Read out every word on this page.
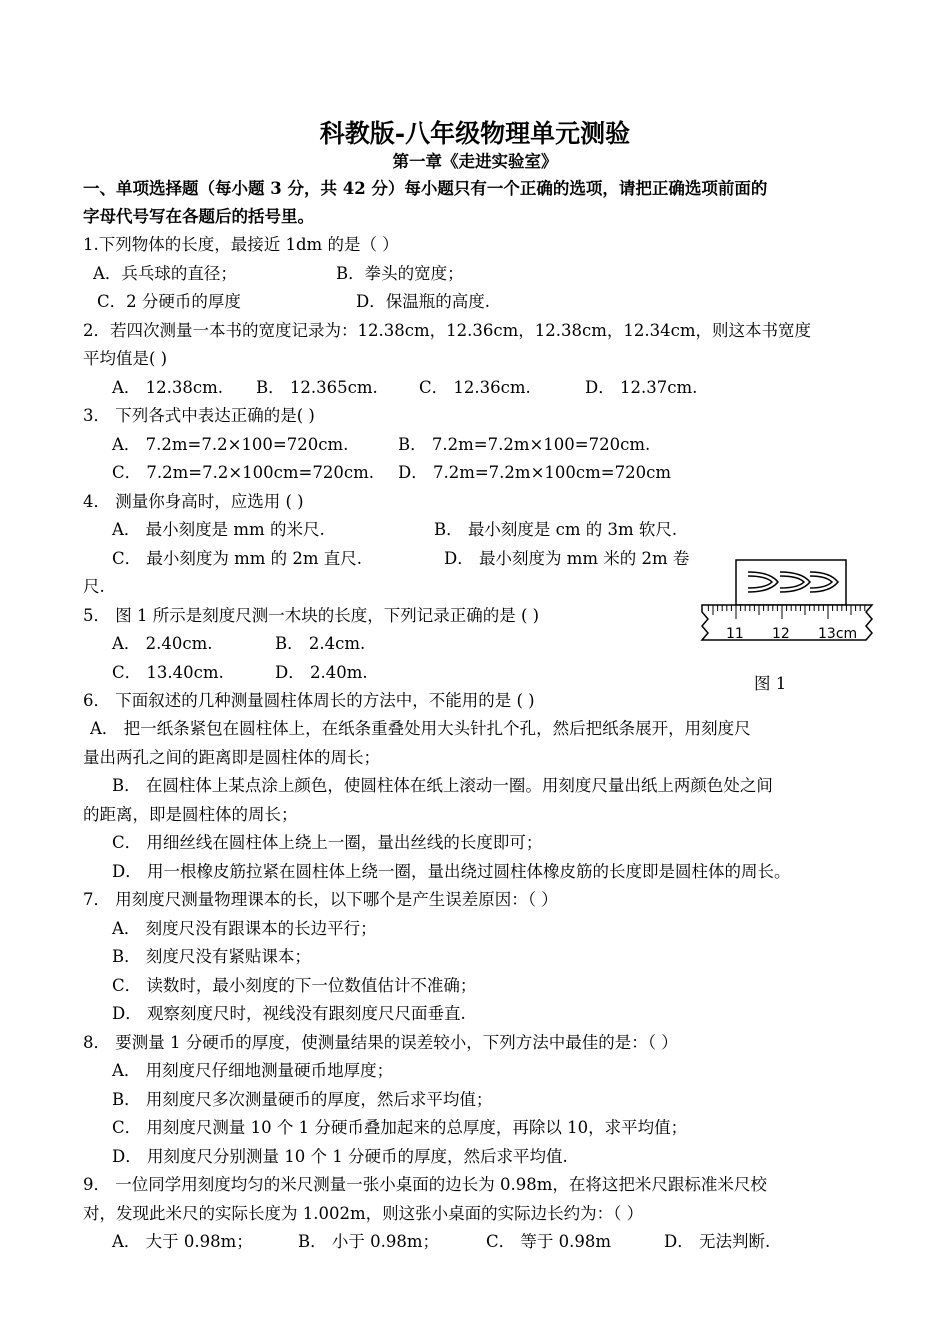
科教版-八年级物理单元测验
第一章《走进实验室》
一、单项选择题（每小题 3 分，共 42 分）每小题只有一个正确的选项，请把正确选项前面的
字母代号写在各题后的括号里。
1.下列物体的长度，最接近 1dm 的是（ ）
A．兵乓球的直径；	B．拳头的宽度；
C．2 分硬币的厚度	D．保温瓶的高度.
2．若四次测量一本书的宽度记录为：12.38cm，12.36cm，12.38cm，12.34cm，则这本书宽度
平均值是( )
A． 12.38cm. B． 12.365cm.	C． 12.36cm.	D． 12.37cm.
3． 下列各式中表达正确的是( )
A． 7.2m=7.2×100=720cm.	B． 7.2m=7.2m×100=720cm.
C． 7.2m=7.2×100cm=720cm. D． 7.2m=7.2m×100cm=720cm
4． 测量你身高时，应选用 ( )
A． 最小刻度是 mm 的米尺.	B． 最小刻度是 cm 的 3m 软尺.
C． 最小刻度为 mm 的 2m 直尺.	D． 最小刻度为 mm 米的 2m 卷
尺.
5． 图 1 所示是刻度尺测一木块的长度，下列记录正确的是 ( )
A． 2.40cm.	B． 2.4cm.
C． 13.40cm.	D． 2.40m.
11 12 13cm
图 1
6． 下面叙述的几种测量圆柱体周长的方法中，不能用的是 ( )
A． 把一纸条紧包在圆柱体上，在纸条重叠处用大头针扎个孔，然后把纸条展开，用刻度尺
量出两孔之间的距离即是圆柱体的周长；
B． 在圆柱体上某点涂上颜色，使圆柱体在纸上滚动一圈。用刻度尺量出纸上两颜色处之间
的距离，即是圆柱体的周长；
C． 用细丝线在圆柱体上绕上一圈，量出丝线的长度即可；
D． 用一根橡皮筋拉紧在圆柱体上绕一圈，量出绕过圆柱体橡皮筋的长度即是圆柱体的周长。
7． 用刻度尺测量物理课本的长，以下哪个是产生误差原因：（ ）
A． 刻度尺没有跟课本的长边平行；
B． 刻度尺没有紧贴课本；
C． 读数时，最小刻度的下一位数值估计不准确；
D． 观察刻度尺时，视线没有跟刻度尺尺面垂直.
8． 要测量 1 分硬币的厚度，使测量结果的误差较小，下列方法中最佳的是：（ ）
A． 用刻度尺仔细地测量硬币地厚度；
B． 用刻度尺多次测量硬币的厚度，然后求平均值；
C． 用刻度尺测量 10 个 1 分硬币叠加起来的总厚度，再除以 10，求平均值；
D． 用刻度尺分别测量 10 个 1 分硬币的厚度，然后求平均值.
9． 一位同学用刻度均匀的米尺测量一张小桌面的边长为 0.98m，在将这把米尺跟标准米尺校
对，发现此米尺的实际长度为 1.002m，则这张小桌面的实际边长约为：（ ）
A． 大于 0.98m；	B． 小于 0.98m；	C． 等于 0.98m	D． 无法判断.
